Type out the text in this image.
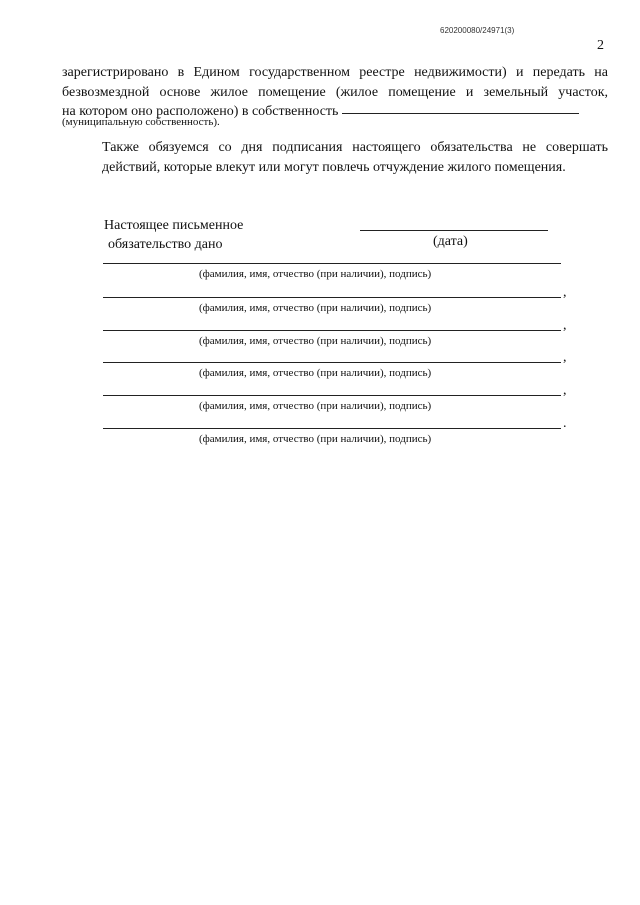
620200080/24971(3)
2
зарегистрировано в Едином государственном реестре недвижимости) и передать на
безвозмездной основе жилое помещение (жилое помещение и земельный участок,
на котором оно расположено) в собственность
(муниципальную собственность).
Также обязуемся со дня подписания настоящего обязательства не совершать
действий, которые влекут или могут повлечь отчуждение жилого помещения.
Настоящее письменное
обязательство дано	(дата)
(фамилия, имя, отчество (при наличии), подпись)
,
(фамилия, имя, отчество (при наличии), подпись)
,
(фамилия, имя, отчество (при наличии), подпись)
,
(фамилия, имя, отчество (при наличии), подпись)
,
(фамилия, имя, отчество (при наличии), подпись)
.
(фамилия, имя, отчество (при наличии), подпись)
